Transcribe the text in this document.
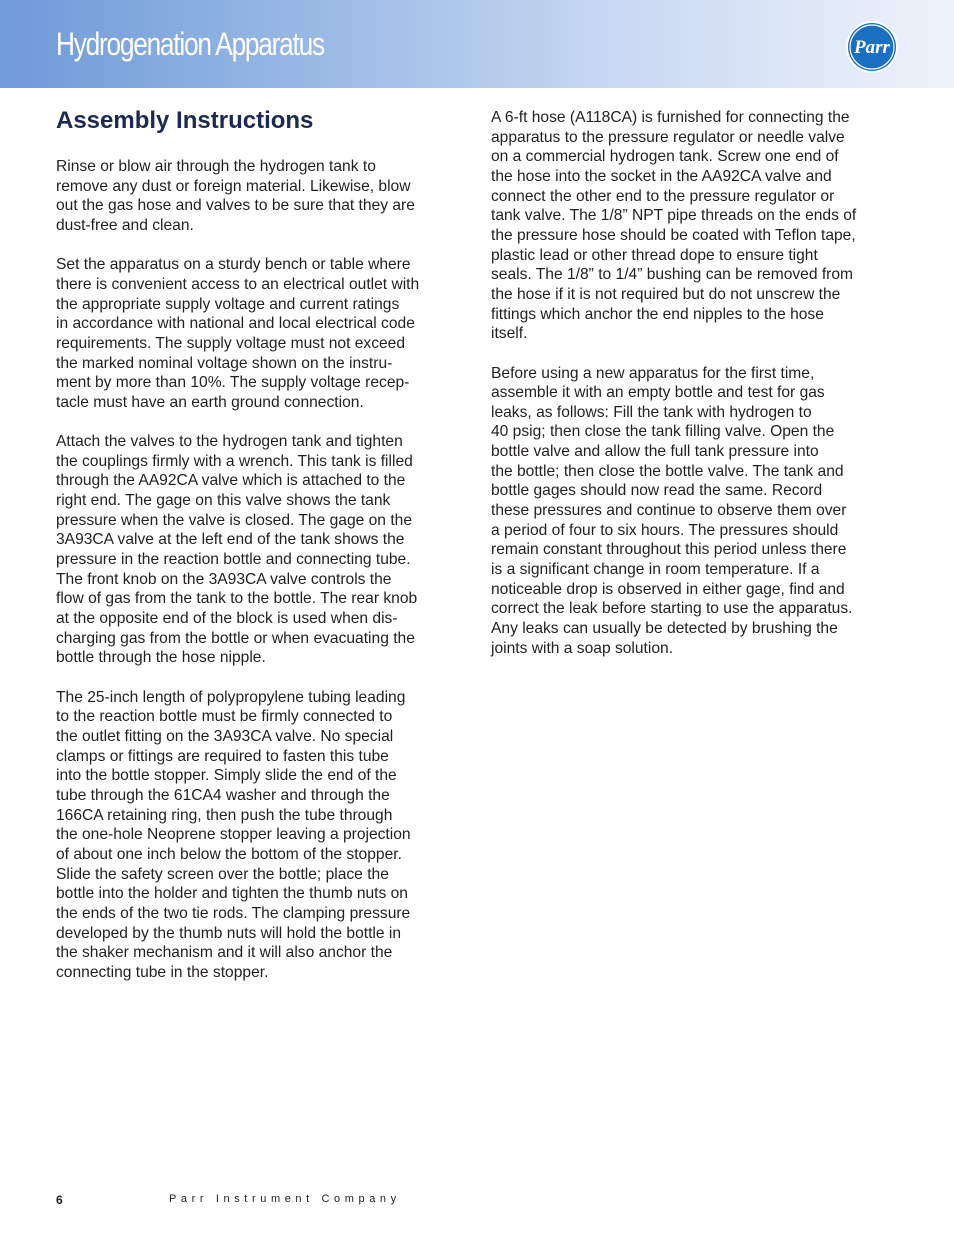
Hydrogenation Apparatus	Parr
Assembly Instructions

Rinse or blow air through the hydrogen tank to
remove any dust or foreign material. Likewise, blow
out the gas hose and valves to be sure that they are
dust-free and clean.

Set the apparatus on a sturdy bench or table where
there is convenient access to an electrical outlet with
the appropriate supply voltage and current ratings
in accordance with national and local electrical code
requirements. The supply voltage must not exceed
the marked nominal voltage shown on the instru-
ment by more than 10%. The supply voltage recep-
tacle must have an earth ground connection.

Attach the valves to the hydrogen tank and tighten
the couplings firmly with a wrench. This tank is filled
through the AA92CA valve which is attached to the
right end. The gage on this valve shows the tank
pressure when the valve is closed. The gage on the
3A93CA valve at the left end of the tank shows the
pressure in the reaction bottle and connecting tube.
The front knob on the 3A93CA valve controls the
flow of gas from the tank to the bottle. The rear knob
at the opposite end of the block is used when dis-
charging gas from the bottle or when evacuating the
bottle through the hose nipple.

The 25-inch length of polypropylene tubing leading
to the reaction bottle must be firmly connected to
the outlet fitting on the 3A93CA valve. No special
clamps or fittings are required to fasten this tube
into the bottle stopper. Simply slide the end of the
tube through the 61CA4 washer and through the
166CA retaining ring, then push the tube through
the one-hole Neoprene stopper leaving a projection
of about one inch below the bottom of the stopper.
Slide the safety screen over the bottle; place the
bottle into the holder and tighten the thumb nuts on
the ends of the two tie rods. The clamping pressure
developed by the thumb nuts will hold the bottle in
the shaker mechanism and it will also anchor the
connecting tube in the stopper.

A 6-ft hose (A118CA) is furnished for connecting the
apparatus to the pressure regulator or needle valve
on a commercial hydrogen tank. Screw one end of
the hose into the socket in the AA92CA valve and
connect the other end to the pressure regulator or
tank valve. The 1/8” NPT pipe threads on the ends of
the pressure hose should be coated with Teflon tape,
plastic lead or other thread dope to ensure tight
seals. The 1/8” to 1/4” bushing can be removed from
the hose if it is not required but do not unscrew the
fittings which anchor the end nipples to the hose
itself.

Before using a new apparatus for the first time,
assemble it with an empty bottle and test for gas
leaks, as follows: Fill the tank with hydrogen to
40 psig; then close the tank filling valve. Open the
bottle valve and allow the full tank pressure into
the bottle; then close the bottle valve. The tank and
bottle gages should now read the same. Record
these pressures and continue to observe them over
a period of four to six hours. The pressures should
remain constant throughout this period unless there
is a significant change in room temperature. If a
noticeable drop is observed in either gage, find and
correct the leak before starting to use the apparatus.
Any leaks can usually be detected by brushing the
joints with a soap solution.

6	Parr Instrument Company
